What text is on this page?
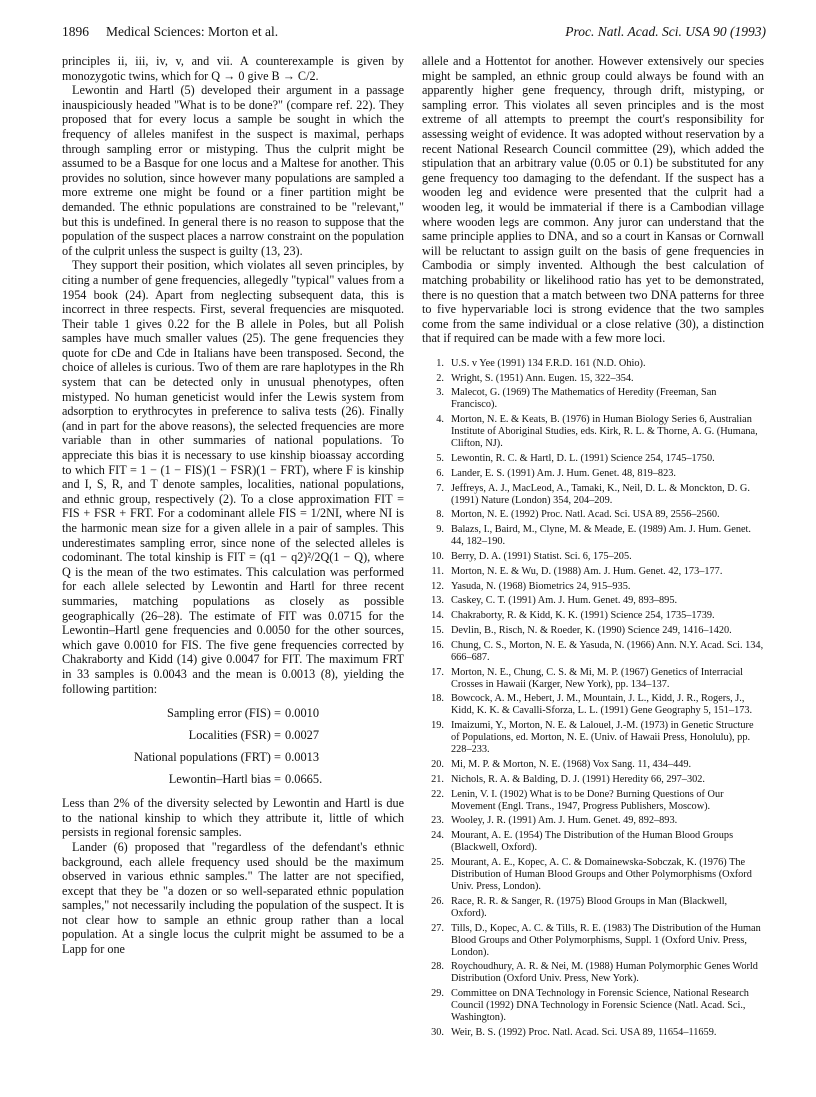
1896 Medical Sciences: Morton et al.	Proc. Natl. Acad. Sci. USA 90 (1993)

principles ii, iii, iv, v, and vii. A counterexample is given by monozygotic twins, which for Q → 0 give B → C/2.

Lewontin and Hartl (5) developed their argument in a passage inauspiciously headed "What is to be done?" (compare ref. 22). They proposed that for every locus a sample be sought in which the frequency of alleles manifest in the suspect is maximal, perhaps through sampling error or mistyping. Thus the culprit might be assumed to be a Basque for one locus and a Maltese for another. This provides no solution, since however many populations are sampled a more extreme one might be found or a finer partition might be demanded. The ethnic populations are constrained to be "relevant," but this is undefined. In general there is no reason to suppose that the population of the suspect places a narrow constraint on the population of the culprit unless the suspect is guilty (13, 23).

They support their position, which violates all seven principles, by citing a number of gene frequencies, allegedly "typical" values from a 1954 book (24). Apart from neglecting subsequent data, this is incorrect in three respects. First, several frequencies are misquoted. Their table 1 gives 0.22 for the B allele in Poles, but all Polish samples have much smaller values (25). The gene frequencies they quote for cDe and Cde in Italians have been transposed. Second, the choice of alleles is curious. Two of them are rare haplotypes in the Rh system that can be detected only in unusual phenotypes, often mistyped. No human geneticist would infer the Lewis system from adsorption to erythrocytes in preference to saliva tests (26). Finally (and in part for the above reasons), the selected frequencies are more variable than in other summaries of national populations. To appreciate this bias it is necessary to use kinship bioassay according to which FIT = 1 − (1 − FIS)(1 − FSR)(1 − FRT), where F is kinship and I, S, R, and T denote samples, localities, national populations, and ethnic group, respectively (2). To a close approximation FIT = FIS + FSR + FRT. For a codominant allele FIS = 1/2NI, where NI is the harmonic mean size for a given allele in a pair of samples. This underestimates sampling error, since none of the selected alleles is codominant. The total kinship is FIT = (q1 − q2)²/2Q(1 − Q), where Q is the mean of the two estimates. This calculation was performed for each allele selected by Lewontin and Hartl for three recent summaries, matching populations as closely as possible geographically (26–28). The estimate of FIT was 0.0715 for the Lewontin–Hartl gene frequencies and 0.0050 for the other sources, which gave 0.0010 for FIS. The five gene frequencies corrected by Chakraborty and Kidd (14) give 0.0047 for FIT. The maximum FRT in 33 samples is 0.0043 and the mean is 0.0013 (8), yielding the following partition:

Sampling error (FIS) = 0.0010
Localities (FSR) = 0.0027
National populations (FRT) = 0.0013
Lewontin–Hartl bias = 0.0665.

Less than 2% of the diversity selected by Lewontin and Hartl is due to the national kinship to which they attribute it, little of which persists in regional forensic samples.

Lander (6) proposed that "regardless of the defendant's ethnic background, each allele frequency used should be the maximum observed in various ethnic samples." The latter are not specified, except that they be "a dozen or so well-separated ethnic population samples," not necessarily including the population of the suspect. It is not clear how to sample an ethnic group rather than a local population. At a single locus the culprit might be assumed to be a Lapp for one

allele and a Hottentot for another. However extensively our species might be sampled, an ethnic group could always be found with an apparently higher gene frequency, through drift, mistyping, or sampling error. This violates all seven principles and is the most extreme of all attempts to preempt the court's responsibility for assessing weight of evidence. It was adopted without reservation by a recent National Research Council committee (29), which added the stipulation that an arbitrary value (0.05 or 0.1) be substituted for any gene frequency too damaging to the defendant. If the suspect has a wooden leg and evidence were presented that the culprit had a wooden leg, it would be immaterial if there is a Cambodian village where wooden legs are common. Any juror can understand that the same principle applies to DNA, and so a court in Kansas or Cornwall will be reluctant to assign guilt on the basis of gene frequencies in Cambodia or simply invented. Although the best calculation of matching probability or likelihood ratio has yet to be demonstrated, there is no question that a match between two DNA patterns for three to five hypervariable loci is strong evidence that the two samples come from the same individual or a close relative (30), a distinction that if required can be made with a few more loci.

1. U.S. v Yee (1991) 134 F.R.D. 161 (N.D. Ohio).
2. Wright, S. (1951) Ann. Eugen. 15, 322–354.
3. Malecot, G. (1969) The Mathematics of Heredity (Freeman, San Francisco).
4. Morton, N. E. & Keats, B. (1976) in Human Biology Series 6, Australian Institute of Aboriginal Studies, eds. Kirk, R. L. & Thorne, A. G. (Humana, Clifton, NJ).
5. Lewontin, R. C. & Hartl, D. L. (1991) Science 254, 1745–1750.
6. Lander, E. S. (1991) Am. J. Hum. Genet. 48, 819–823.
7. Jeffreys, A. J., MacLeod, A., Tamaki, K., Neil, D. L. & Monckton, D. G. (1991) Nature (London) 354, 204–209.
8. Morton, N. E. (1992) Proc. Natl. Acad. Sci. USA 89, 2556–2560.
9. Balazs, I., Baird, M., Clyne, M. & Meade, E. (1989) Am. J. Hum. Genet. 44, 182–190.
10. Berry, D. A. (1991) Statist. Sci. 6, 175–205.
11. Morton, N. E. & Wu, D. (1988) Am. J. Hum. Genet. 42, 173–177.
12. Yasuda, N. (1968) Biometrics 24, 915–935.
13. Caskey, C. T. (1991) Am. J. Hum. Genet. 49, 893–895.
14. Chakraborty, R. & Kidd, K. K. (1991) Science 254, 1735–1739.
15. Devlin, B., Risch, N. & Roeder, K. (1990) Science 249, 1416–1420.
16. Chung, C. S., Morton, N. E. & Yasuda, N. (1966) Ann. N.Y. Acad. Sci. 134, 666–687.
17. Morton, N. E., Chung, C. S. & Mi, M. P. (1967) Genetics of Interracial Crosses in Hawaii (Karger, New York), pp. 134–137.
18. Bowcock, A. M., Hebert, J. M., Mountain, J. L., Kidd, J. R., Rogers, J., Kidd, K. K. & Cavalli-Sforza, L. L. (1991) Gene Geography 5, 151–173.
19. Imaizumi, Y., Morton, N. E. & Lalouel, J.-M. (1973) in Genetic Structure of Populations, ed. Morton, N. E. (Univ. of Hawaii Press, Honolulu), pp. 228–233.
20. Mi, M. P. & Morton, N. E. (1968) Vox Sang. 11, 434–449.
21. Nichols, R. A. & Balding, D. J. (1991) Heredity 66, 297–302.
22. Lenin, V. I. (1902) What is to be Done? Burning Questions of Our Movement (Engl. Trans., 1947, Progress Publishers, Moscow).
23. Wooley, J. R. (1991) Am. J. Hum. Genet. 49, 892–893.
24. Mourant, A. E. (1954) The Distribution of the Human Blood Groups (Blackwell, Oxford).
25. Mourant, A. E., Kopec, A. C. & Domainewska-Sobczak, K. (1976) The Distribution of Human Blood Groups and Other Polymorphisms (Oxford Univ. Press, London).
26. Race, R. R. & Sanger, R. (1975) Blood Groups in Man (Blackwell, Oxford).
27. Tills, D., Kopec, A. C. & Tills, R. E. (1983) The Distribution of the Human Blood Groups and Other Polymorphisms, Suppl. 1 (Oxford Univ. Press, London).
28. Roychoudhury, A. R. & Nei, M. (1988) Human Polymorphic Genes World Distribution (Oxford Univ. Press, New York).
29. Committee on DNA Technology in Forensic Science, National Research Council (1992) DNA Technology in Forensic Science (Natl. Acad. Sci., Washington).
30. Weir, B. S. (1992) Proc. Natl. Acad. Sci. USA 89, 11654–11659.
